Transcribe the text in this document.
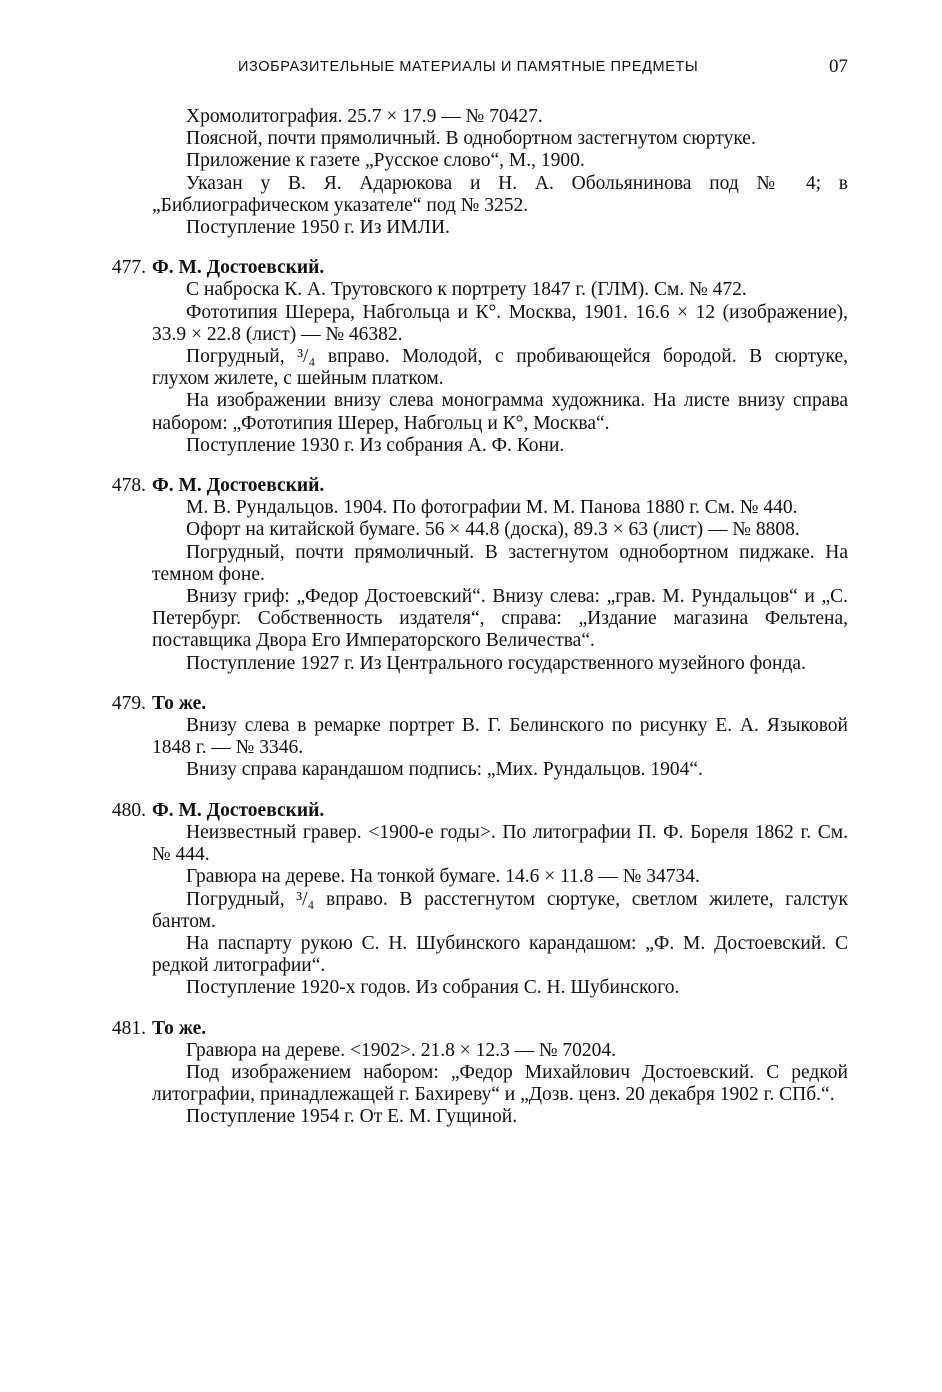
ИЗОБРАЗИТЕЛЬНЫЕ МАТЕРИАЛЫ И ПАМЯТНЫЕ ПРЕДМЕТЫ	07

Хромолитография. 25.7 × 17.9 — № 70427.

Поясной, почти прямоличный. В однобортном застегнутом сюртуке.

Приложение к газете „Русское слово“, М., 1900.

Указан у В. Я. Адарюкова и Н. А. Обольянинова под № 4; в „Библиографическом указателе“ под № 3252.

Поступление 1950 г. Из ИМЛИ.

477. Ф. М. Достоевский.

С наброска К. А. Трутовского к портрету 1847 г. (ГЛМ). См. № 472.

Фототипия Шерера, Набгольца и К°. Москва, 1901. 16.6 × 12 (изображение), 33.9 × 22.8 (лист) — № 46382.

Погрудный, ³/₄ вправо. Молодой, с пробивающейся бородой. В сюртуке, глухом жилете, с шейным платком.

На изображении внизу слева монограмма художника. На листе внизу справа набором: „Фототипия Шерер, Набгольц и К°, Москва“.

Поступление 1930 г. Из собрания А. Ф. Кони.

478. Ф. М. Достоевский.

М. В. Рундальцов. 1904. По фотографии М. М. Панова 1880 г. См. № 440.

Офорт на китайской бумаге. 56 × 44.8 (доска), 89.3 × 63 (лист) — № 8808.

Погрудный, почти прямоличный. В застегнутом однобортном пиджаке. На темном фоне.

Внизу гриф: „Федор Достоевский“. Внизу слева: „грав. М. Рундальцов“ и „С. Петербург. Собственность издателя“, справа: „Издание магазина Фельтена, поставщика Двора Его Императорского Величества“.

Поступление 1927 г. Из Центрального государственного музейного фонда.

479. То же.

Внизу слева в ремарке портрет В. Г. Белинского по рисунку Е. А. Языковой 1848 г. — № 3346.

Внизу справа карандашом подпись: „Мих. Рундальцов. 1904“.

480. Ф. М. Достоевский.

Неизвестный гравер. <1900-е годы>. По литографии П. Ф. Бореля 1862 г. См. № 444.

Гравюра на дереве. На тонкой бумаге. 14.6 × 11.8 — № 34734.

Погрудный, ³/₄ вправо. В расстегнутом сюртуке, светлом жилете, галстук бантом.

На паспарту рукою С. Н. Шубинского карандашом: „Ф. М. Достоевский. С редкой литографии“.

Поступление 1920-х годов. Из собрания С. Н. Шубинского.

481. То же.

Гравюра на дереве. <1902>. 21.8 × 12.3 — № 70204.

Под изображением набором: „Федор Михайлович Достоевский. С редкой литографии, принадлежащей г. Бахиреву“ и „Дозв. ценз. 20 декабря 1902 г. СПб.“.

Поступление 1954 г. От Е. М. Гущиной.
